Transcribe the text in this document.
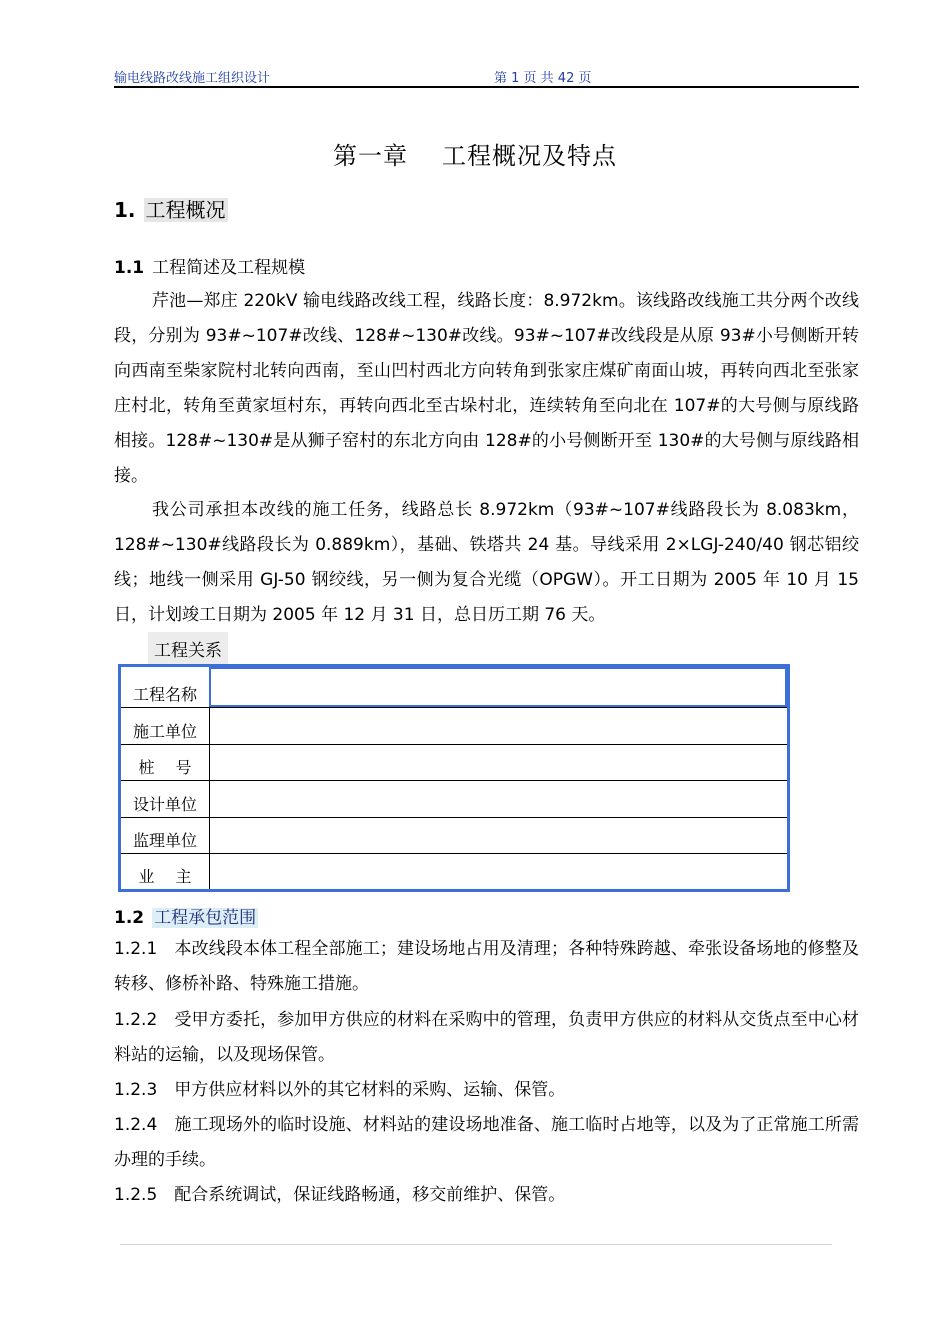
输电线路改线施工组织设计	第 1 页 共 42 页
第一章 工程概况及特点
1. 工程概况
1.1 工程简述及工程规模
芹池—郑庄 220kV 输电线路改线工程，线路长度：8.972km。该线路改线施工共分两个改线段，分别为 93#~107#改线、128#~130#改线。93#~107#改线段是从原 93#小号侧断开转向西南至柴家院村北转向西南，至山凹村西北方向转角到张家庄煤矿南面山坡，再转向西北至张家庄村北，转角至黄家垣村东，再转向西北至古垛村北，连续转角至向北在 107#的大号侧与原线路相接。128#~130#是从狮子窑村的东北方向由 128#的小号侧断开至 130#的大号侧与原线路相接。
我公司承担本改线的施工任务，线路总长 8.972km（93#~107#线路段长为 8.083km，128#~130#线路段长为 0.889km），基础、铁塔共 24 基。导线采用 2×LGJ-240/40 钢芯铝绞线；地线一侧采用 GJ-50 钢绞线，另一侧为复合光缆（OPGW）。开工日期为 2005 年 10 月 15 日，计划竣工日期为 2005 年 12 月 31 日，总日历工期 76 天。
工程关系
工程名称
施工单位
桩　 号
设计单位
监理单位
业　 主
1.2 工程承包范围
1.2.1　 本改线段本体工程全部施工；建设场地占用及清理；各种特殊跨越、牵张设备场地的修整及转移、修桥补路、特殊施工措施。
1.2.2　 受甲方委托，参加甲方供应的材料在采购中的管理，负责甲方供应的材料从交货点至中心材料站的运输，以及现场保管。
1.2.3　 甲方供应材料以外的其它材料的采购、运输、保管。
1.2.4　 施工现场外的临时设施、材料站的建设场地准备、施工临时占地等，以及为了正常施工所需办理的手续。
1.2.5　 配合系统调试，保证线路畅通，移交前维护、保管。
